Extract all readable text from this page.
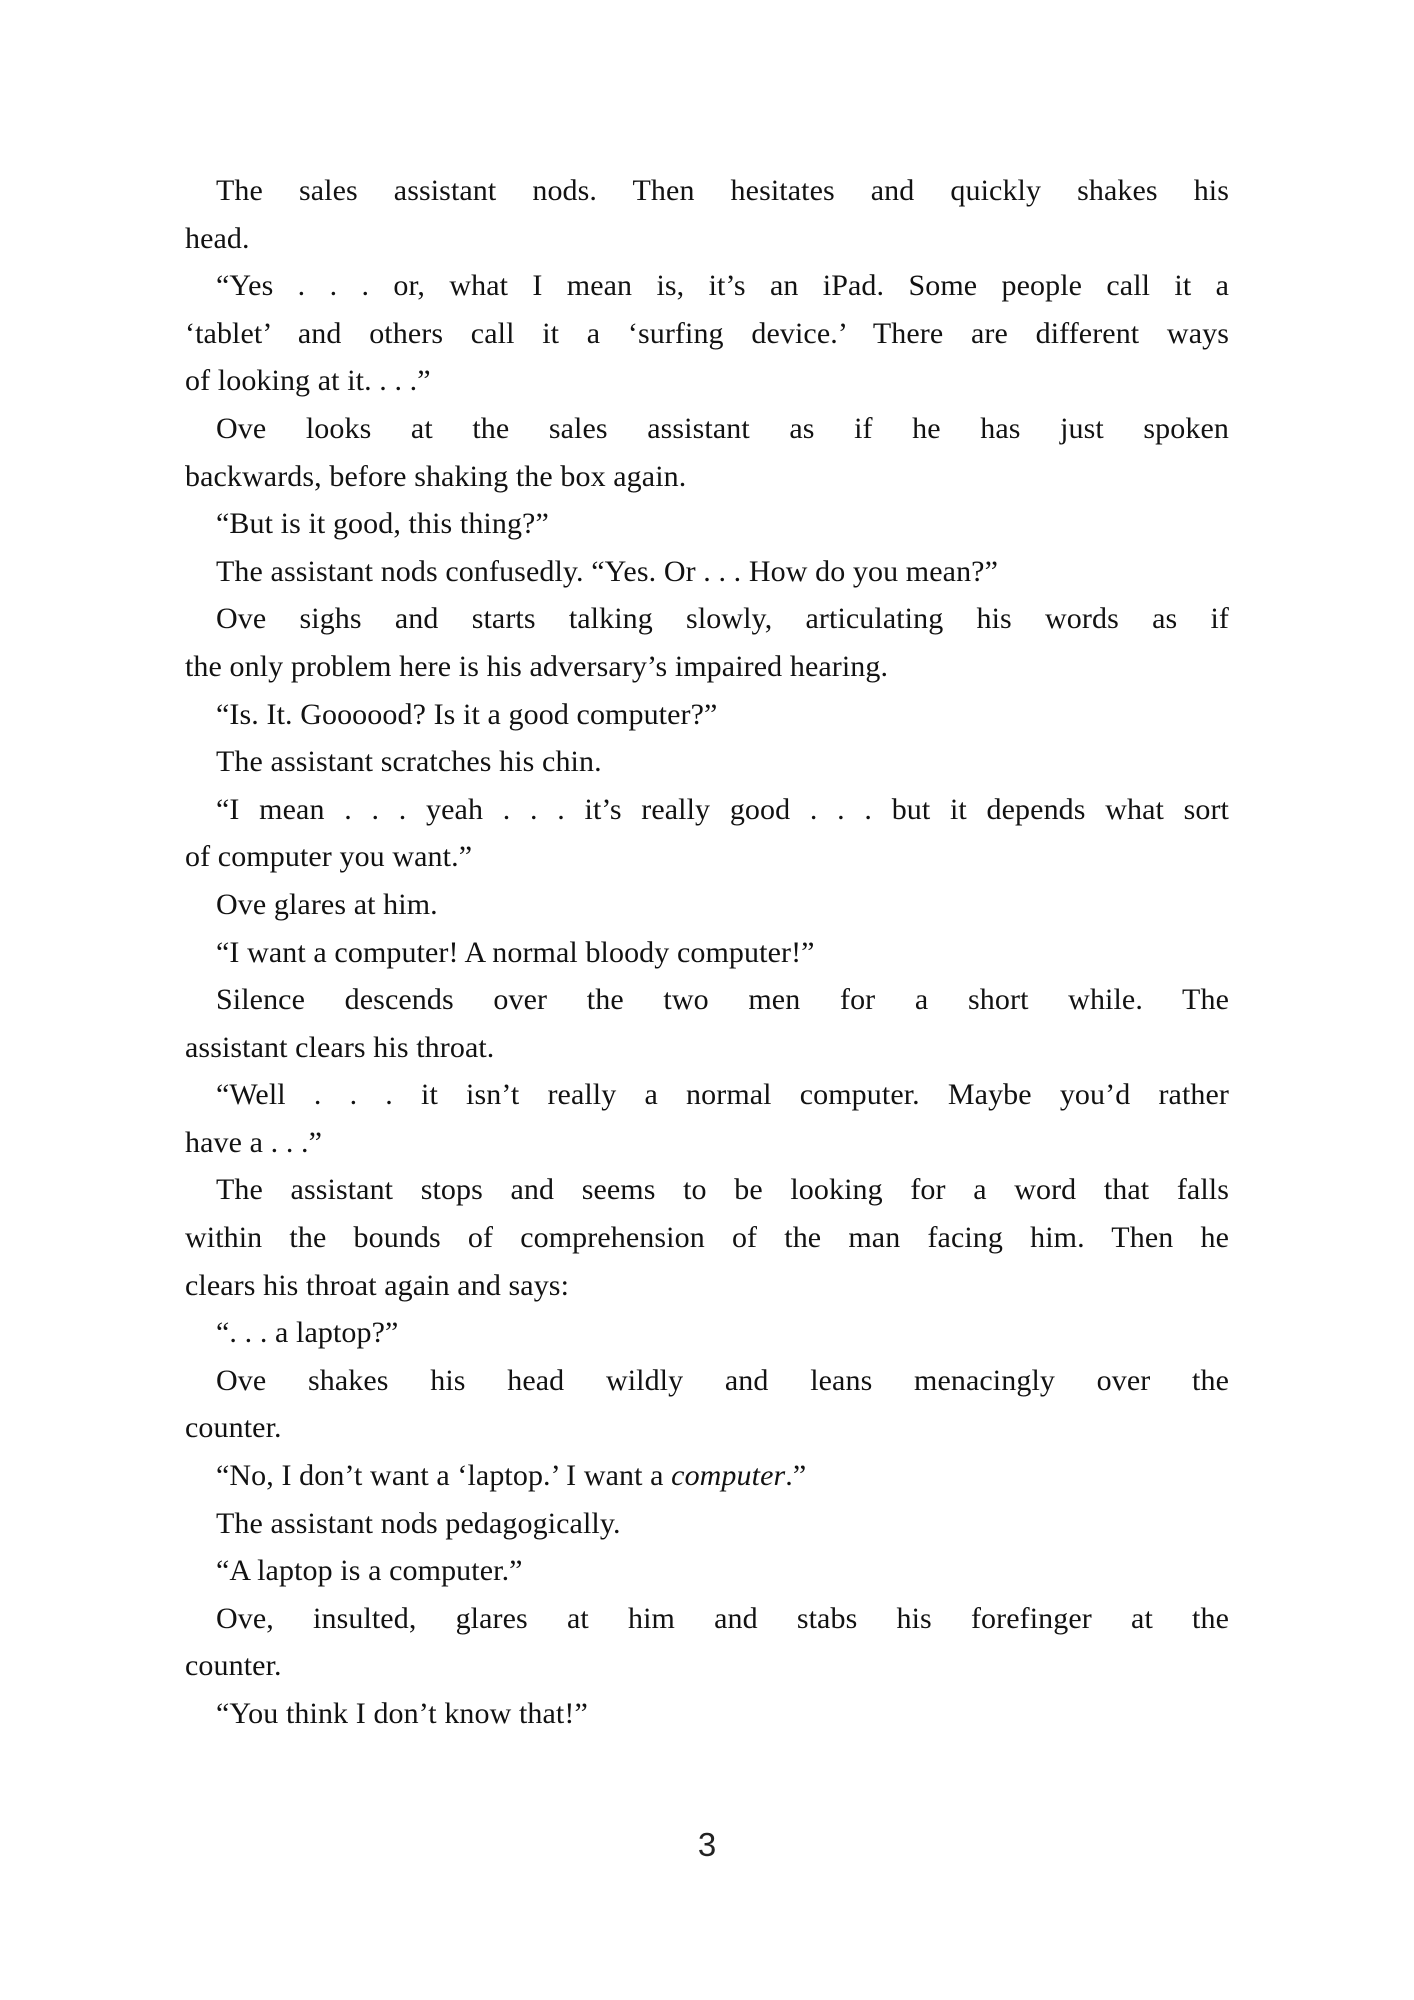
The sales assistant nods. Then hesitates and quickly shakes his
head.
“Yes . . . or, what I mean is, it’s an iPad. Some people call it a
‘tablet’ and others call it a ‘surfing device.’ There are different ways
of looking at it. . . .”
Ove looks at the sales assistant as if he has just spoken
backwards, before shaking the box again.
“But is it good, this thing?”
The assistant nods confusedly. “Yes. Or . . . How do you mean?”
Ove sighs and starts talking slowly, articulating his words as if
the only problem here is his adversary’s impaired hearing.
“Is. It. Goooood? Is it a good computer?”
The assistant scratches his chin.
“I mean . . . yeah . . . it’s really good . . . but it depends what sort
of computer you want.”
Ove glares at him.
“I want a computer! A normal bloody computer!”
Silence descends over the two men for a short while. The
assistant clears his throat.
“Well . . . it isn’t really a normal computer. Maybe you’d rather
have a . . .”
The assistant stops and seems to be looking for a word that falls
within the bounds of comprehension of the man facing him. Then he
clears his throat again and says:
“. . . a laptop?”
Ove shakes his head wildly and leans menacingly over the
counter.
“No, I don’t want a ‘laptop.’ I want a computer.”
The assistant nods pedagogically.
“A laptop is a computer.”
Ove, insulted, glares at him and stabs his forefinger at the
counter.
“You think I don’t know that!”
3
